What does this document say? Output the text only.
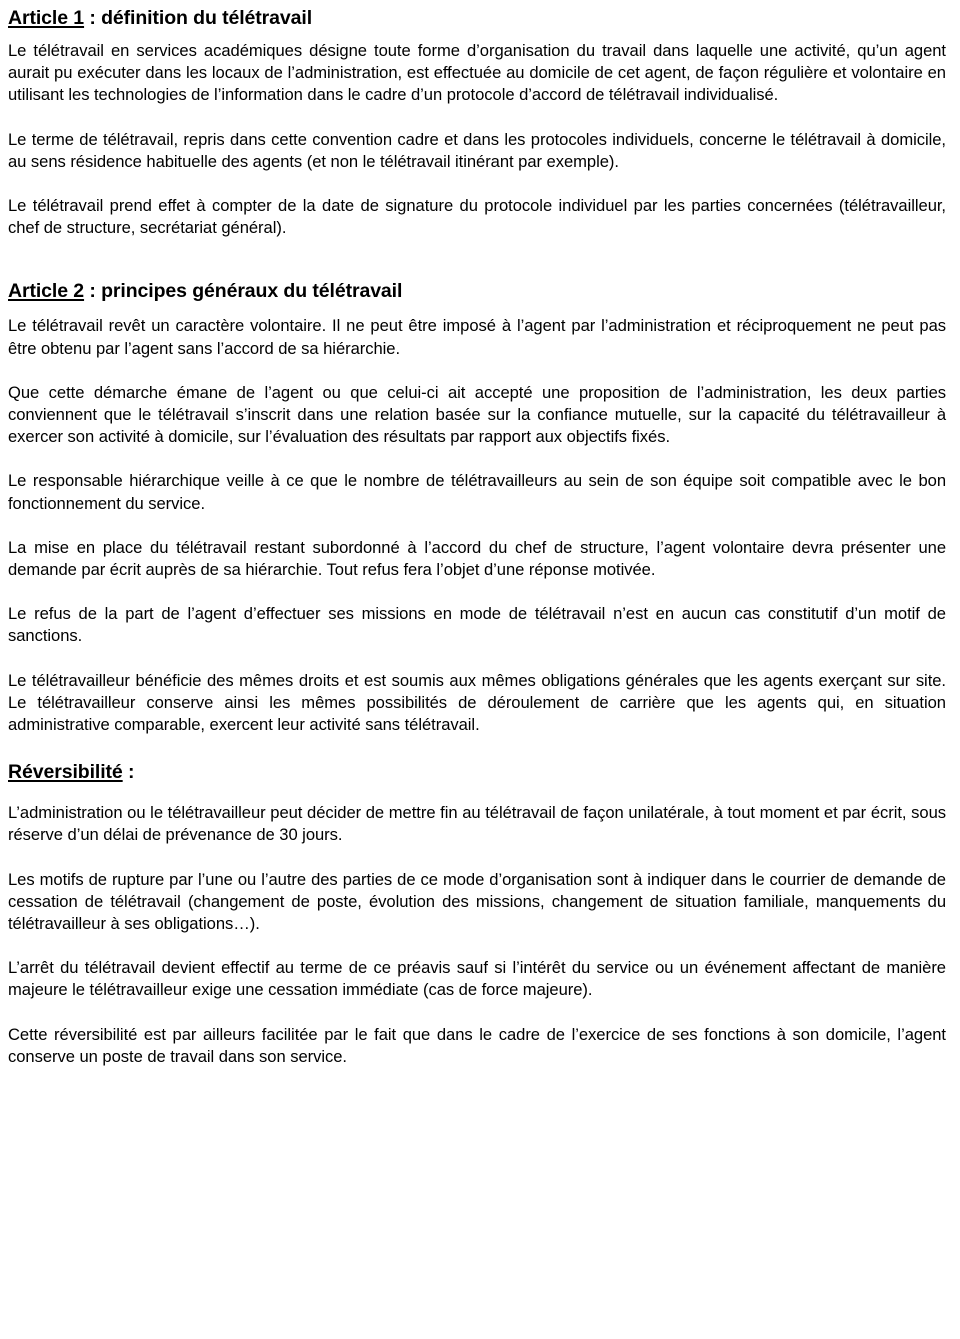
Article 1 : définition du télétravail

Le télétravail en services académiques désigne toute forme d’organisation du travail dans laquelle une activité, qu’un agent aurait pu exécuter dans les locaux de l’administration, est effectuée au domicile de cet agent, de façon régulière et volontaire en utilisant les technologies de l’information dans le cadre d’un protocole d’accord de télétravail individualisé.

Le terme de télétravail, repris dans cette convention cadre et dans les protocoles individuels, concerne le télétravail à domicile, au sens résidence habituelle des agents (et non le télétravail itinérant par exemple).

Le télétravail prend effet à compter de la date de signature du protocole individuel par les parties concernées (télétravailleur, chef de structure, secrétariat général).

Article 2 : principes généraux du télétravail

Le télétravail revêt un caractère volontaire. Il ne peut être imposé à l’agent par l’administration et réciproquement ne peut pas être obtenu par l’agent sans l’accord de sa hiérarchie.

Que cette démarche émane de l’agent ou que celui-ci ait accepté une proposition de l’administration, les deux parties conviennent que le télétravail s’inscrit dans une relation basée sur la confiance mutuelle, sur la capacité du télétravailleur à exercer son activité à domicile, sur l’évaluation des résultats par rapport aux objectifs fixés.

Le responsable hiérarchique veille à ce que le nombre de télétravailleurs au sein de son équipe soit compatible avec le bon fonctionnement du service.

La mise en place du télétravail restant subordonné à l’accord du chef de structure, l’agent volontaire devra présenter une demande par écrit auprès de sa hiérarchie. Tout refus fera l’objet d’une réponse motivée.

Le refus de la part de l’agent d’effectuer ses missions en mode de télétravail n’est en aucun cas constitutif d’un motif de sanctions.

Le télétravailleur bénéficie des mêmes droits et est soumis aux mêmes obligations générales que les agents exerçant sur site. Le télétravailleur conserve ainsi les mêmes possibilités de déroulement de carrière que les agents qui, en situation administrative comparable, exercent leur activité sans télétravail.

Réversibilité :

L’administration ou le télétravailleur peut décider de mettre fin au télétravail de façon unilatérale, à tout moment et par écrit, sous réserve d’un délai de prévenance de 30 jours.

Les motifs de rupture par l’une ou l’autre des parties de ce mode d’organisation sont à indiquer dans le courrier de demande de cessation de télétravail (changement de poste, évolution des missions, changement de situation familiale, manquements du télétravailleur à ses obligations…).

L’arrêt du télétravail devient effectif au terme de ce préavis sauf si l’intérêt du service ou un événement affectant de manière majeure le télétravailleur exige une cessation immédiate (cas de force majeure).

Cette réversibilité est par ailleurs facilitée par le fait que dans le cadre de l’exercice de ses fonctions à son domicile, l’agent conserve un poste de travail dans son service.
